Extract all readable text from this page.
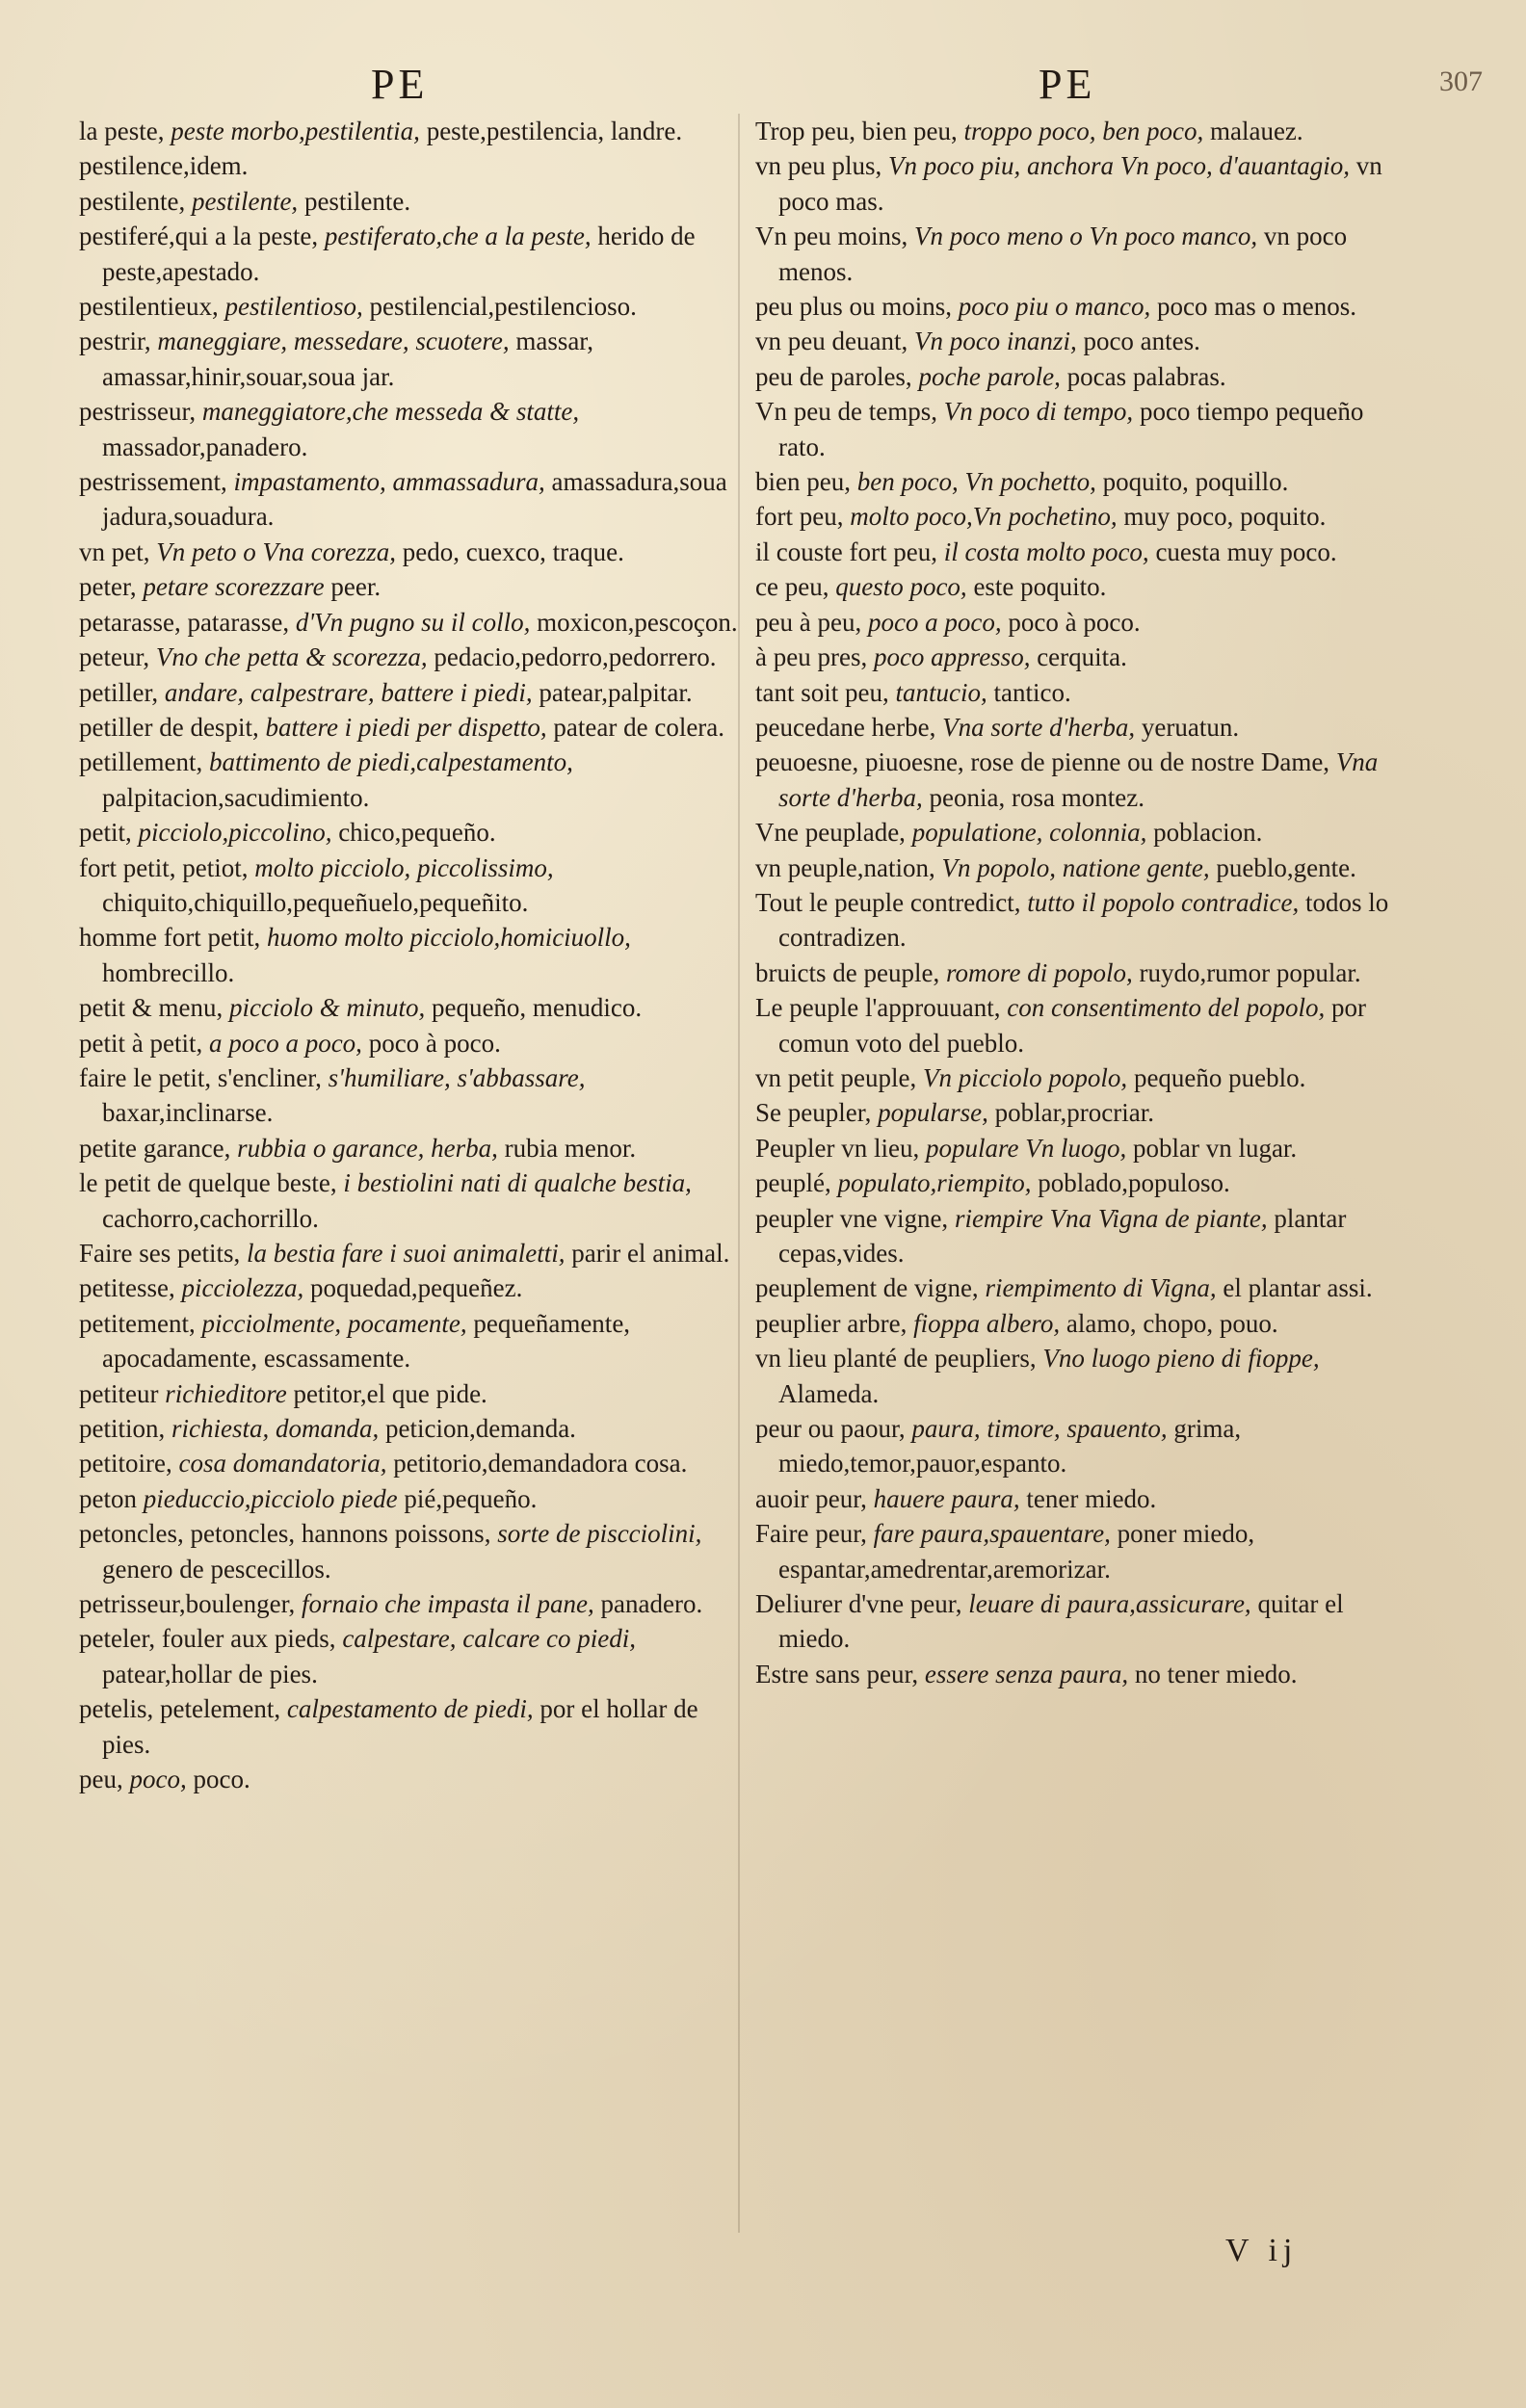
PE	PE	307

la peste, peste morbo,pestilentia, peste,pestilencia, landre.

pestilence,idem.

pestilente, pestilente, pestilente.

pestiferé,qui a la peste, pestiferato,che a la peste, herido de peste,apestado.

pestilentieux, pestilentioso, pestilencial,pestilencioso.

pestrir, maneggiare, messedare, scuotere, massar, amassar,hinir,souar,soua jar.

pestrisseur, maneggiatore,che messeda & statte, massador,panadero.

pestrissement, impastamento, ammassadura, amassadura,soua jadura,souadura.

vn pet, Vn peto o Vna corezza, pedo, cuexco, traque.

peter, petare scorezzare peer.

petarasse, patarasse, d'Vn pugno su il collo, moxicon,pescoçon.

peteur, Vno che petta & scorezza, pedacio,pedorro,pedorrero.

petiller, andare, calpestrare, battere i piedi, patear,palpitar.

petiller de despit, battere i piedi per dispetto, patear de colera.

petillement, battimento de piedi,calpestamento, palpitacion,sacudimiento.

petit, picciolo,piccolino, chico,pequeño.

fort petit, petiot, molto picciolo, piccolissimo, chiquito,chiquillo,pequeñuelo,pequeñito.

homme fort petit, huomo molto picciolo,homiciuollo, hombrecillo.

petit & menu, picciolo & minuto, pequeño, menudico.

petit à petit, a poco a poco, poco à poco.

faire le petit, s'encliner, s'humiliare, s'abbassare, baxar,inclinarse.

petite garance, rubbia o garance, herba, rubia menor.

le petit de quelque beste, i bestiolini nati di qualche bestia, cachorro,cachorrillo.

Faire ses petits, la bestia fare i suoi animaletti, parir el animal.

petitesse, picciolezza, poquedad,pequeñez.

petitement, picciolmente, pocamente, pequeñamente, apocadamente, escassamente.

petiteur richieditore petitor,el que pide.

petition, richiesta, domanda, peticion,demanda.

petitoire, cosa domandatoria, petitorio,demandadora cosa.

peton pieduccio,picciolo piede pié,pequeño.

petoncles, petoncles, hannons poissons, sorte de piscciolini, genero de pescecillos.

petrisseur,boulenger, fornaio che impasta il pane, panadero.

peteler, fouler aux pieds, calpestare, calcare co piedi, patear,hollar de pies.

petelis, petelement, calpestamento de piedi, por el hollar de pies.

peu, poco, poco.

Trop peu, bien peu, troppo poco, ben poco, malauez.

vn peu plus, Vn poco piu, anchora Vn poco, d'auantagio, vn poco mas.

Vn peu moins, Vn poco meno o Vn poco manco, vn poco menos.

peu plus ou moins, poco piu o manco, poco mas o menos.

vn peu deuant, Vn poco inanzi, poco antes.

peu de paroles, poche parole, pocas palabras.

Vn peu de temps, Vn poco di tempo, poco tiempo pequeño rato.

bien peu, ben poco, Vn pochetto, poquito, poquillo.

fort peu, molto poco,Vn pochetino, muy poco, poquito.

il couste fort peu, il costa molto poco, cuesta muy poco.

ce peu, questo poco, este poquito.

peu à peu, poco a poco, poco à poco.

à peu pres, poco appresso, cerquita.

tant soit peu, tantucio, tantico.

peucedane herbe, Vna sorte d'herba, yeruatun.

peuoesne, piuoesne, rose de pienne ou de nostre Dame, Vna sorte d'herba, peonia, rosa montez.

Vne peuplade, populatione, colonnia, poblacion.

vn peuple,nation, Vn popolo, natione gente, pueblo,gente.

Tout le peuple contredict, tutto il popolo contradice, todos lo contradizen.

bruicts de peuple, romore di popolo, ruydo,rumor popular.

Le peuple l'approuuant, con consentimento del popolo, por comun voto del pueblo.

vn petit peuple, Vn picciolo popolo, pequeño pueblo.

Se peupler, popularse, poblar,procriar.

Peupler vn lieu, populare Vn luogo, poblar vn lugar.

peuplé, populato,riempito, poblado,populoso.

peupler vne vigne, riempire Vna Vigna de piante, plantar cepas,vides.

peuplement de vigne, riempimento di Vigna, el plantar assi.

peuplier arbre, fioppa albero, alamo, chopo, pouo.

vn lieu planté de peupliers, Vno luogo pieno di fioppe, Alameda.

peur ou paour, paura, timore, spauento, grima, miedo,temor,pauor,espanto.

auoir peur, hauere paura, tener miedo.

Faire peur, fare paura,spauentare, poner miedo, espantar,amedrentar,aremorizar.

Deliurer d'vne peur, leuare di paura,assicurare, quitar el miedo.

Estre sans peur, essere senza paura, no tener miedo.

V ij
